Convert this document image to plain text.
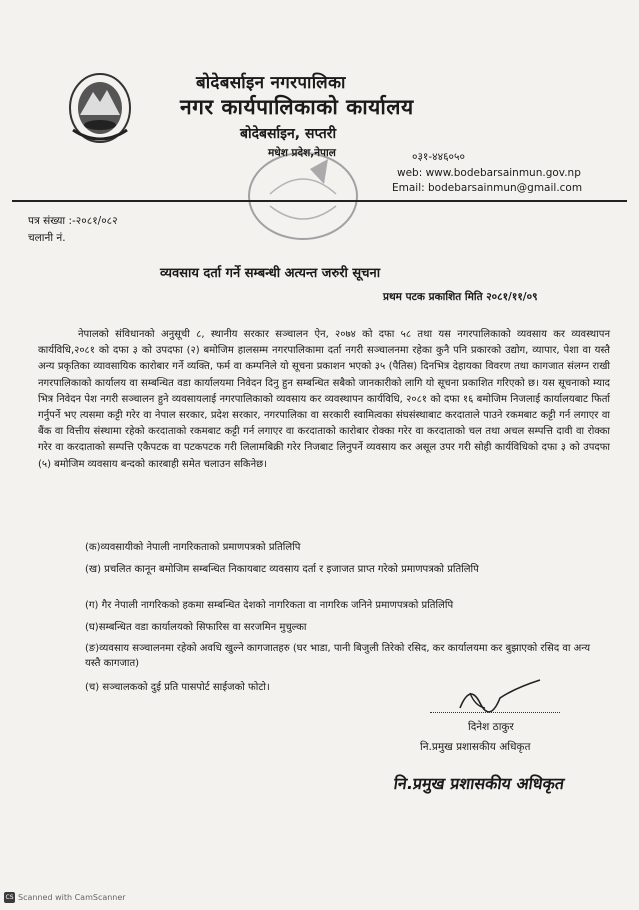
बोदेबर्साइन नगरपालिका
नगर कार्यपालिकाको कार्यालय
बोदेबर्साइन, सप्तरी
मधेश प्रदेश,नेपाल	०३१-४४६०५०
web: www.bodebarsainmun.gov.np
Email: bodebarsainmun@gmail.com
पत्र संख्या :-२०८१/०८२
चलानी नं.
व्यवसाय दर्ता गर्ने सम्बन्धी अत्यन्त जरुरी सूचना
प्रथम पटक प्रकाशित मिति २०८१/११/०९

नेपालको संविधानको अनुसूची ८, स्थानीय सरकार सञ्चालन ऐन, २०७४ को दफा ५८ तथा यस नगरपालिकाको व्यवसाय कर व्यवस्थापन कार्यविधि,२०८१ को दफा ३ को उपदफा (२) बमोजिम हालसम्म नगरपालिकामा दर्ता नगरी सञ्चालनमा रहेका कुनै पनि प्रकारको उद्योग, व्यापार, पेशा वा यस्तै अन्य प्रकृतिका व्यावसायिक कारोबार गर्ने व्यक्ति, फर्म वा कम्पनिले यो सूचना प्रकाशन भएको ३५ (पैतिस) दिनभित्र देहायका विवरण तथा कागजात संलग्न राखी नगरपालिकाको कार्यालय वा सम्बन्धित वडा कार्यालयमा निवेदन दिनु हुन सम्बन्धित सबैको जानकारीको लागि यो सूचना प्रकाशित गरिएको छ। यस सूचनाको म्याद भित्र निवेदन पेश नगरी सञ्चालन हुने व्यवसायलाई नगरपालिकाको व्यवसाय कर व्यवस्थापन कार्यविधि, २०८१ को दफा १६ बमोजिम निजलाई कार्यालयबाट फिर्ता गर्नुपर्ने भए त्यसमा कट्टी गरेर वा नेपाल सरकार, प्रदेश सरकार, नगरपालिका वा सरकारी स्वामित्वका संघसंस्थाबाट करदाताले पाउने रकमबाट कट्टी गर्न लगाएर वा बैंक वा वित्तीय संस्थामा रहेको करदाताको रकमबाट कट्टी गर्न लगाएर वा करदाताको कारोबार रोक्का गरेर वा करदाताको चल तथा अचल सम्पत्ति दावी वा रोक्का गरेर वा करदाताको सम्पत्ति एकैपटक वा पटकपटक गरी लिलामबिक्री गरेर निजबाट लिनुपर्ने व्यवसाय कर असूल उपर गरी सोही कार्यविधिको दफा ३ को उपदफा (५) बमोजिम व्यवसाय बन्दको कारबाही समेत चलाउन सकिनेछ।

(क)व्यवसायीको नेपाली नागरिकताको प्रमाणपत्रको प्रतिलिपि
(ख) प्रचलित कानून बमोजिम सम्बन्धित निकायबाट व्यवसाय दर्ता र इजाजत प्राप्त गरेको प्रमाणपत्रको प्रतिलिपि
(ग) गैर नेपाली नागरिकको हकमा सम्बन्धित देशको नागरिकता वा नागरिक जनिने प्रमाणपत्रको प्रतिलिपि
(घ)सम्बन्धित वडा कार्यालयको सिफारिस वा सरजमिन मुचुल्का
(ङ)व्यवसाय सञ्चालनमा रहेको अवधि खुल्ने कागजातहरु (घर भाडा, पानी बिजुली तिरेको रसिद, कर कार्यालयमा कर बुझाएको रसिद वा अन्य यस्तै कागजात)
(च) सञ्चालकको दुई प्रति पासपोर्ट साईजको फोटो।
दिनेश ठाकुर
नि.प्रमुख प्रशासकीय अधिकृत
नि.प्रमुख प्रशासकीय अधिकृत
CS Scanned with CamScanner
